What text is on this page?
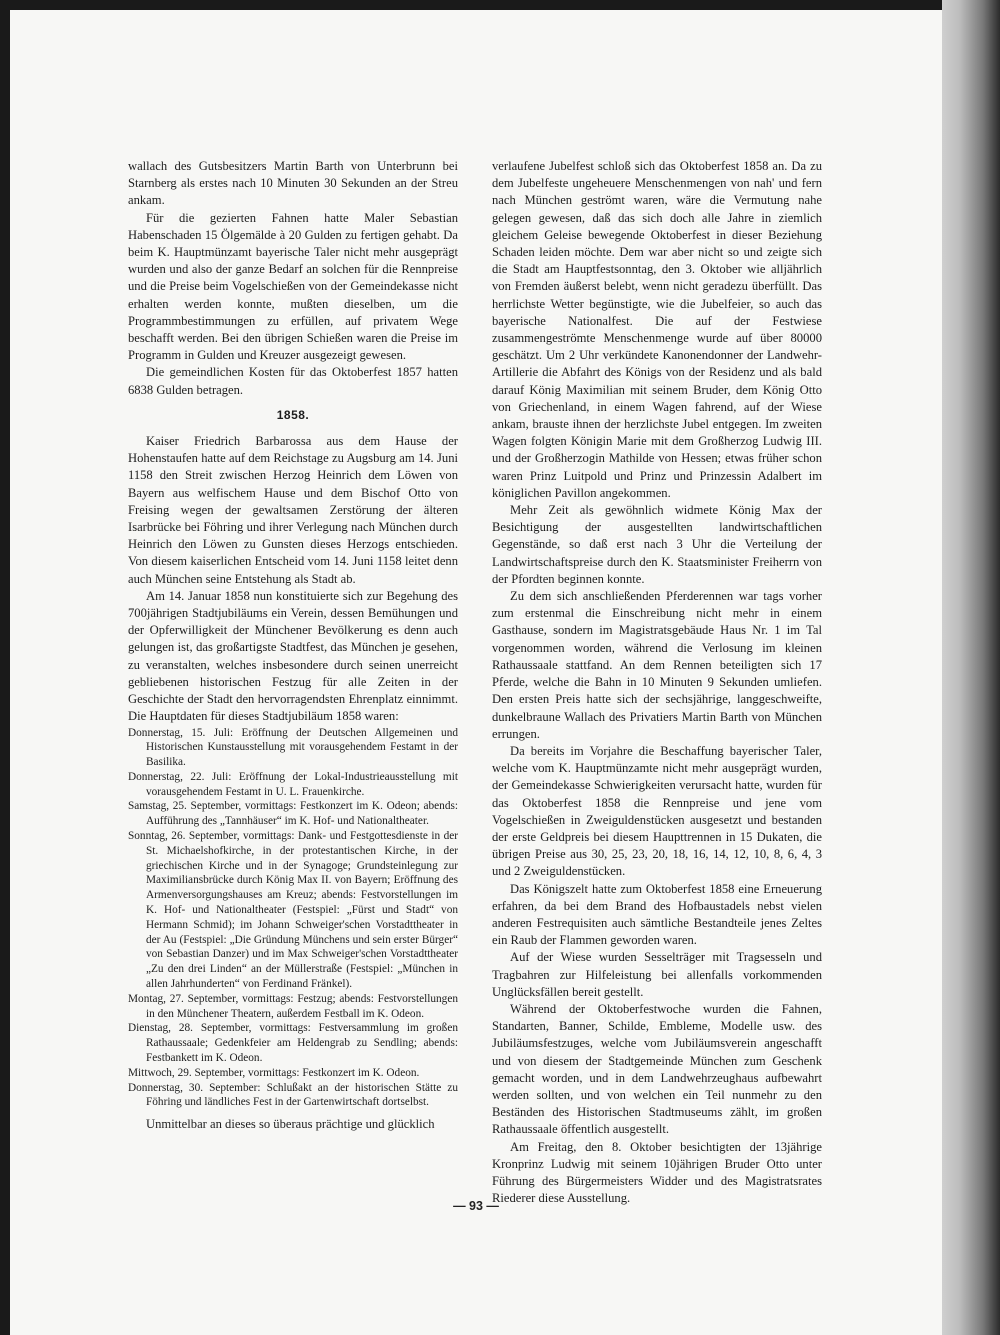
wallach des Gutsbesitzers Martin Barth von Unterbrunn bei Starnberg als erstes nach 10 Minuten 30 Sekunden an der Streu ankam.

Für die gezierten Fahnen hatte Maler Sebastian Habenschaden 15 Ölgemälde à 20 Gulden zu fertigen gehabt. Da beim K. Hauptmünzamt bayerische Taler nicht mehr ausgeprägt wurden und also der ganze Bedarf an solchen für die Rennpreise und die Preise beim Vogelschießen von der Gemeindekasse nicht erhalten werden konnte, mußten dieselben, um die Programmbestimmungen zu erfüllen, auf privatem Wege beschafft werden. Bei den übrigen Schießen waren die Preise im Programm in Gulden und Kreuzer ausgezeigt gewesen.

Die gemeindlichen Kosten für das Oktoberfest 1857 hatten 6838 Gulden betragen.

1858.

Kaiser Friedrich Barbarossa aus dem Hause der Hohenstaufen hatte auf dem Reichstage zu Augsburg am 14. Juni 1158 den Streit zwischen Herzog Heinrich dem Löwen von Bayern aus welfischem Hause und dem Bischof Otto von Freising wegen der gewaltsamen Zerstörung der älteren Isarbrücke bei Föhring und ihrer Verlegung nach München durch Heinrich den Löwen zu Gunsten dieses Herzogs entschieden. Von diesem kaiserlichen Entscheid vom 14. Juni 1158 leitet denn auch München seine Entstehung als Stadt ab.

Am 14. Januar 1858 nun konstituierte sich zur Begehung des 700jährigen Stadtjubiläums ein Verein, dessen Bemühungen und der Opferwilligkeit der Münchener Bevölkerung es denn auch gelungen ist, das großartigste Stadtfest, das München je gesehen, zu veranstalten, welches insbesondere durch seinen unerreicht gebliebenen historischen Festzug für alle Zeiten in der Geschichte der Stadt den hervorragendsten Ehrenplatz einnimmt. Die Hauptdaten für dieses Stadtjubiläum 1858 waren:

Donnerstag, 15. Juli: Eröffnung der Deutschen Allgemeinen und Historischen Kunstausstellung mit vorausgehendem Festamt in der Basilika.
Donnerstag, 22. Juli: Eröffnung der Lokal-Industrieausstellung mit vorausgehendem Festamt in U. L. Frauenkirche.
Samstag, 25. September, vormittags: Festkonzert im K. Odeon; abends: Aufführung des „Tannhäuser“ im K. Hof- und Nationaltheater.
Sonntag, 26. September, vormittags: Dank- und Festgottesdienste in der St. Michaelshofkirche, in der protestantischen Kirche, in der griechischen Kirche und in der Synagoge; Grundsteinlegung zur Maximiliansbrücke durch König Max II. von Bayern; Eröffnung des Armenversorgungshauses am Kreuz; abends: Festvorstellungen im K. Hof- und Nationaltheater (Festspiel: „Fürst und Stadt“ von Hermann Schmid); im Johann Schweiger'schen Vorstadttheater in der Au (Festspiel: „Die Gründung Münchens und sein erster Bürger“ von Sebastian Danzer) und im Max Schweiger'schen Vorstadttheater „Zu den drei Linden“ an der Müllerstraße (Festspiel: „München in allen Jahrhunderten“ von Ferdinand Fränkel).
Montag, 27. September, vormittags: Festzug; abends: Festvorstellungen in den Münchener Theatern, außerdem Festball im K. Odeon.
Dienstag, 28. September, vormittags: Festversammlung im großen Rathaussaale; Gedenkfeier am Heldengrab zu Sendling; abends: Festbankett im K. Odeon.
Mittwoch, 29. September, vormittags: Festkonzert im K. Odeon.
Donnerstag, 30. September: Schlußakt an der historischen Stätte zu Föhring und ländliches Fest in der Gartenwirtschaft dortselbst.

Unmittelbar an dieses so überaus prächtige und glücklich

verlaufene Jubelfest schloß sich das Oktoberfest 1858 an. Da zu dem Jubelfeste ungeheuere Menschenmengen von nah' und fern nach München geströmt waren, wäre die Vermutung nahe gelegen gewesen, daß das sich doch alle Jahre in ziemlich gleichem Geleise bewegende Oktoberfest in dieser Beziehung Schaden leiden möchte. Dem war aber nicht so und zeigte sich die Stadt am Hauptfestsonntag, den 3. Oktober wie alljährlich von Fremden äußerst belebt, wenn nicht geradezu überfüllt. Das herrlichste Wetter begünstigte, wie die Jubelfeier, so auch das bayerische Nationalfest. Die auf der Festwiese zusammengeströmte Menschenmenge wurde auf über 80000 geschätzt. Um 2 Uhr verkündete Kanonendonner der Landwehr-Artillerie die Abfahrt des Königs von der Residenz und als bald darauf König Maximilian mit seinem Bruder, dem König Otto von Griechenland, in einem Wagen fahrend, auf der Wiese ankam, brauste ihnen der herzlichste Jubel entgegen. Im zweiten Wagen folgten Königin Marie mit dem Großherzog Ludwig III. und der Großherzogin Mathilde von Hessen; etwas früher schon waren Prinz Luitpold und Prinz und Prinzessin Adalbert im königlichen Pavillon angekommen.

Mehr Zeit als gewöhnlich widmete König Max der Besichtigung der ausgestellten landwirtschaftlichen Gegenstände, so daß erst nach 3 Uhr die Verteilung der Landwirtschaftspreise durch den K. Staatsminister Freiherrn von der Pfordten beginnen konnte.

Zu dem sich anschließenden Pferderennen war tags vorher zum erstenmal die Einschreibung nicht mehr in einem Gasthause, sondern im Magistratsgebäude Haus Nr. 1 im Tal vorgenommen worden, während die Verlosung im kleinen Rathaussaale stattfand. An dem Rennen beteiligten sich 17 Pferde, welche die Bahn in 10 Minuten 9 Sekunden umliefen. Den ersten Preis hatte sich der sechsjährige, langgeschweifte, dunkelbraune Wallach des Privatiers Martin Barth von München errungen.

Da bereits im Vorjahre die Beschaffung bayerischer Taler, welche vom K. Hauptmünzamte nicht mehr ausgeprägt wurden, der Gemeindekasse Schwierigkeiten verursacht hatte, wurden für das Oktoberfest 1858 die Rennpreise und jene vom Vogelschießen in Zweiguldenstücken ausgesetzt und bestanden der erste Geldpreis bei diesem Haupttrennen in 15 Dukaten, die übrigen Preise aus 30, 25, 23, 20, 18, 16, 14, 12, 10, 8, 6, 4, 3 und 2 Zweiguldenstücken.

Das Königszelt hatte zum Oktoberfest 1858 eine Erneuerung erfahren, da bei dem Brand des Hofbaustadels nebst vielen anderen Festrequisiten auch sämtliche Bestandteile jenes Zeltes ein Raub der Flammen geworden waren.

Auf der Wiese wurden Sesselträger mit Tragsesseln und Tragbahren zur Hilfeleistung bei allenfalls vorkommenden Unglücksfällen bereit gestellt.

Während der Oktoberfestwoche wurden die Fahnen, Standarten, Banner, Schilde, Embleme, Modelle usw. des Jubiläumsfestzuges, welche vom Jubiläumsverein angeschafft und von diesem der Stadtgemeinde München zum Geschenk gemacht worden, und in dem Landwehrzeughaus aufbewahrt werden sollten, und von welchen ein Teil nunmehr zu den Beständen des Historischen Stadtmuseums zählt, im großen Rathaussaale öffentlich ausgestellt.

Am Freitag, den 8. Oktober besichtigten der 13jährige Kronprinz Ludwig mit seinem 10jährigen Bruder Otto unter Führung des Bürgermeisters Widder und des Magistratsrates Riederer diese Ausstellung.

— 93 —
